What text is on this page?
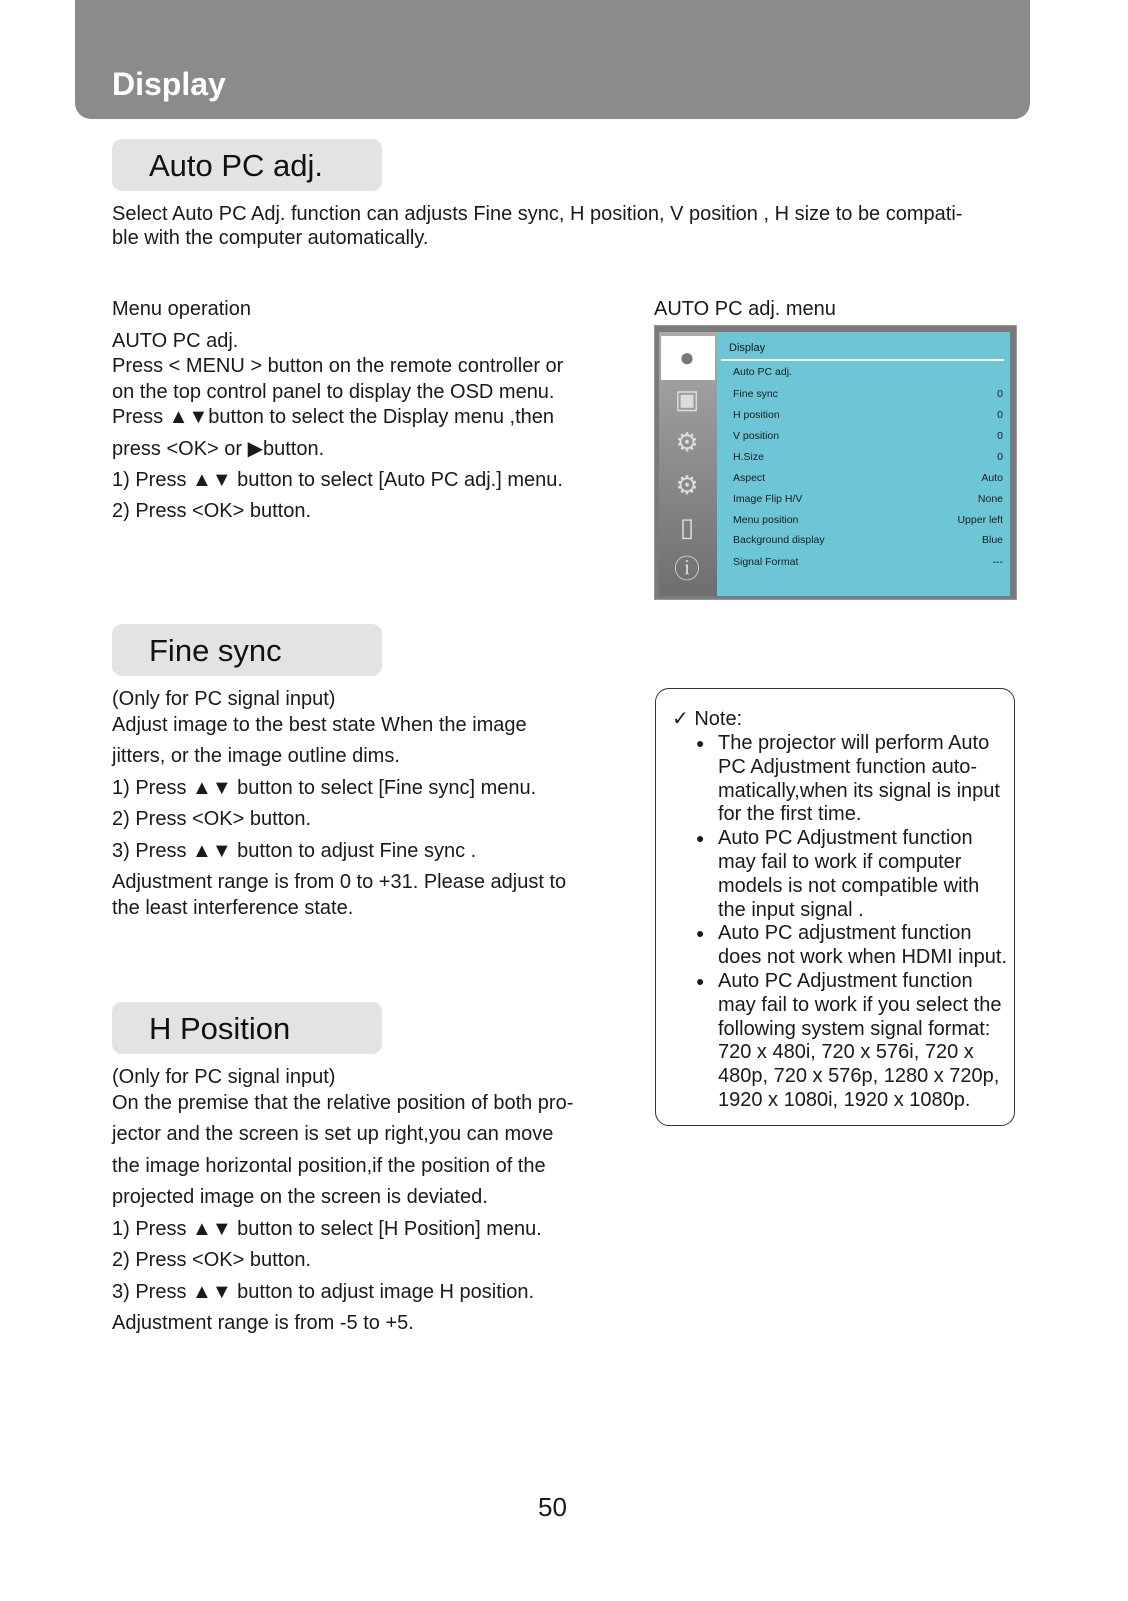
Display
Auto PC adj.
AUTO PC adj. menu
●
▣
⚙
⚙
▯
ⓘ
Display
Auto PC adj.
Fine sync	0
H position	0
V position	0
H.Size	0
Aspect	Auto
Image Flip H/V	None
Menu position	Upper left
Background display	Blue
Signal Format	---
Fine sync
H Position
✓ Note:
50
Select Auto PC Adj. function can adjusts Fine sync, H position, V position , H size to be compati-
ble with the computer automatically.
Menu operation
AUTO PC adj.
Press < MENU > button on the remote controller or
on the top control panel to display the OSD menu.
Press ▲▼button to select the Display menu ,then
press <OK> or ▶button.
1) Press ▲▼ button to select [Auto PC adj.] menu.
2) Press <OK> button.
(Only for PC signal input)
Adjust image to the best state When the image
jitters, or the image outline dims.
1) Press ▲▼ button to select [Fine sync] menu.
2) Press <OK> button.
3) Press ▲▼ button to adjust Fine sync .
Adjustment range is from 0 to +31. Please adjust to
the least interference state.
(Only for PC signal input)
On the premise that the relative position of both pro-
jector and the screen is set up right,you can move
the image horizontal position,if the position of the
projected image on the screen is deviated.
1) Press ▲▼ button to select [H Position] menu.
2) Press <OK> button.
3) Press ▲▼ button to adjust image H position.
Adjustment range is from -5 to +5.
● The projector will perform Auto
PC Adjustment function auto-
matically,when its signal is input
for the first time.
● Auto PC Adjustment function
may fail to work if computer
models is not compatible with
the input signal .
● Auto PC adjustment function
does not work when HDMI input.
● Auto PC Adjustment function
may fail to work if you select the
following system signal format:
720 x 480i, 720 x 576i, 720 x
480p, 720 x 576p, 1280 x 720p,
1920 x 1080i, 1920 x 1080p.
